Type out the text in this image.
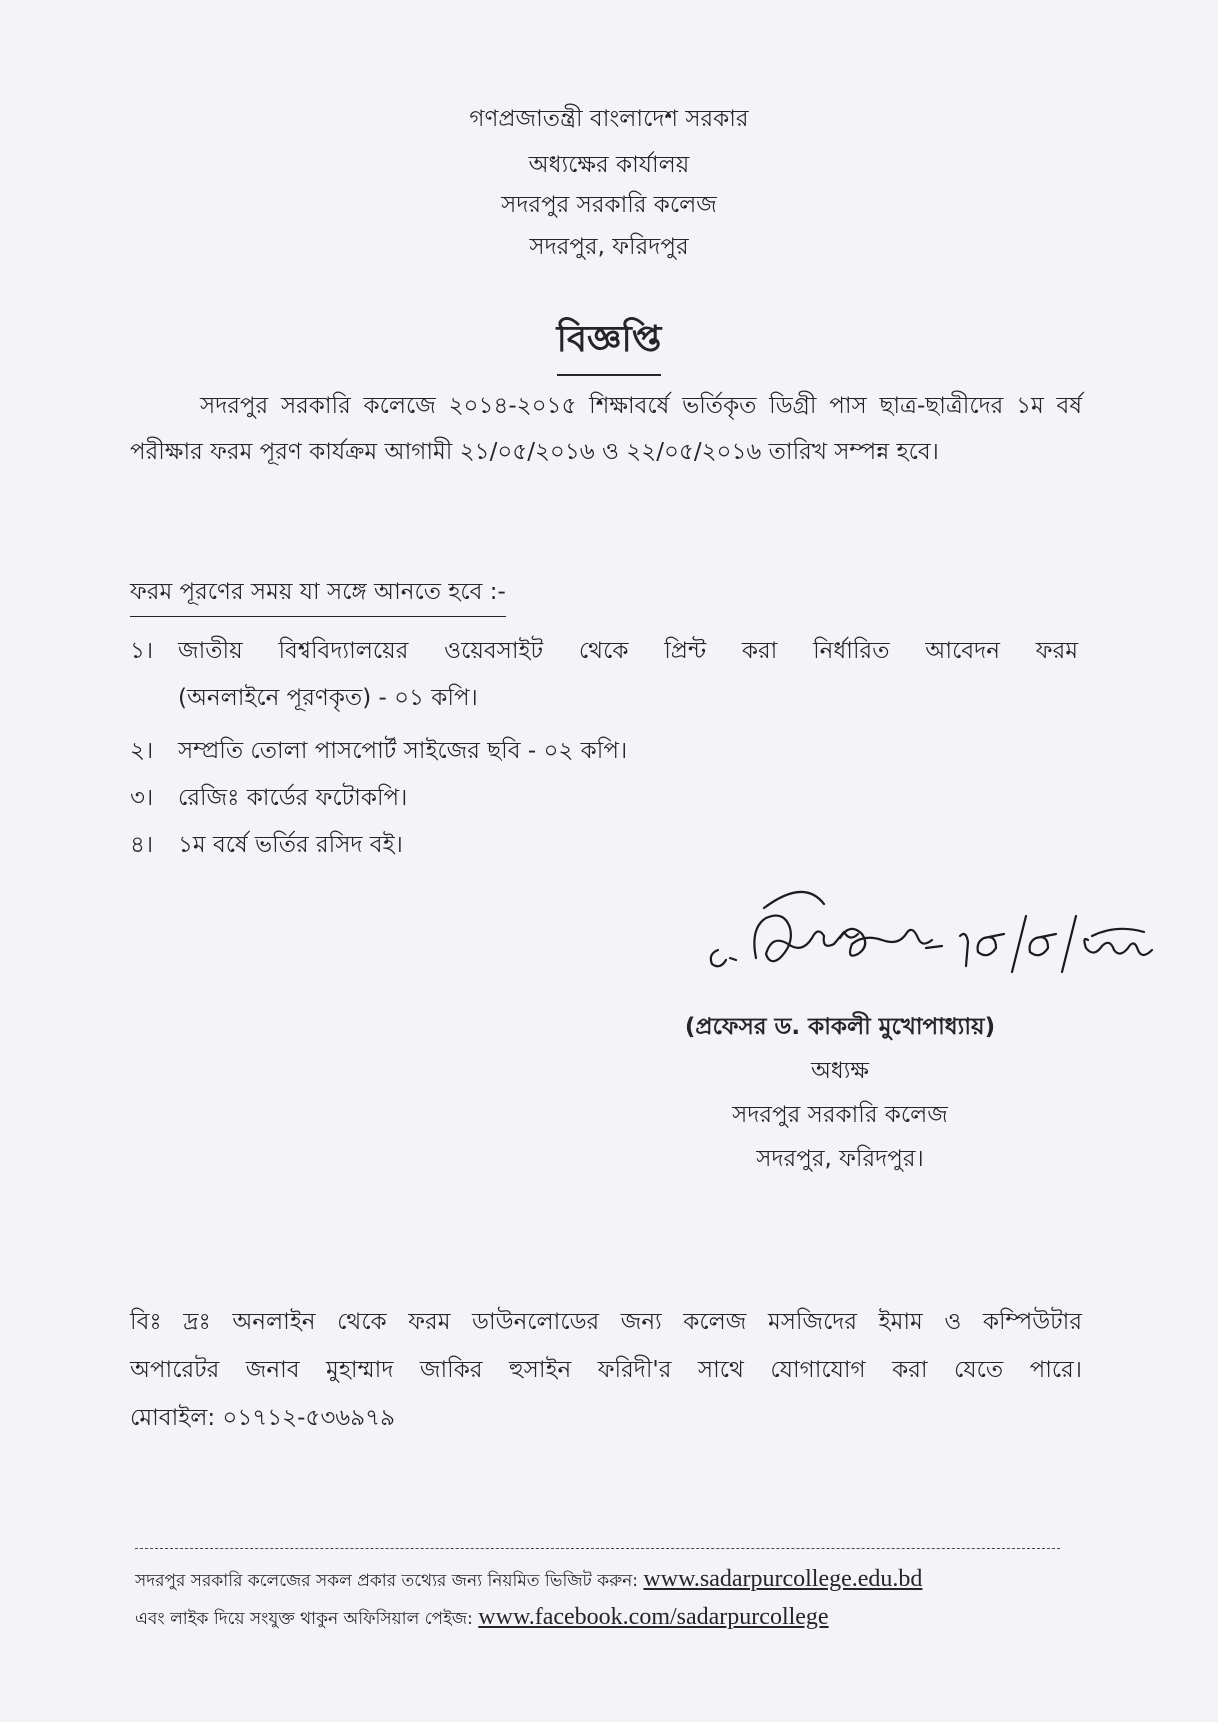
গণপ্রজাতন্ত্রী বাংলাদেশ সরকার
অধ্যক্ষের কার্যালয়
সদরপুর সরকারি কলেজ
সদরপুর, ফরিদপুর
বিজ্ঞপ্তি
সদরপুর সরকারি কলেজে ২০১৪-২০১৫ শিক্ষাবর্ষে ভর্তিকৃত ডিগ্রী পাস ছাত্র-ছাত্রীদের ১ম বর্ষ পরীক্ষার ফরম পূরণ কার্যক্রম আগামী ২১/০৫/২০১৬ ও ২২/০৫/২০১৬ তারিখ সম্পন্ন হবে।
ফরম পূরণের সময় যা সঙ্গে আনতে হবে :-
১। জাতীয় বিশ্ববিদ্যালয়ের ওয়েবসাইট থেকে প্রিন্ট করা নির্ধারিত আবেদন ফরম
(অনলাইনে পূরণকৃত) - ০১ কপি।
২। সম্প্রতি তোলা পাসপোর্ট সাইজের ছবি - ০২ কপি।
৩। রেজিঃ কার্ডের ফটোকপি।
৪। ১ম বর্ষে ভর্তির রসিদ বই।
(প্রফেসর ড. কাকলী মুখোপাধ্যায়)
অধ্যক্ষ
সদরপুর সরকারি কলেজ
সদরপুর, ফরিদপুর।
বিঃ দ্রঃ অনলাইন থেকে ফরম ডাউনলোডের জন্য কলেজ মসজিদের ইমাম ও কম্পিউটার
অপারেটর জনাব মুহাম্মাদ জাকির হুসাইন ফরিদী'র সাথে যোগাযোগ করা যেতে পারে।
মোবাইল: ০১৭১২-৫৩৬৯৭৯
সদরপুর সরকারি কলেজের সকল প্রকার তথ্যের জন্য নিয়মিত ভিজিট করুন: www.sadarpurcollege.edu.bd
এবং লাইক দিয়ে সংযুক্ত থাকুন অফিসিয়াল পেইজ: www.facebook.com/sadarpurcollege
